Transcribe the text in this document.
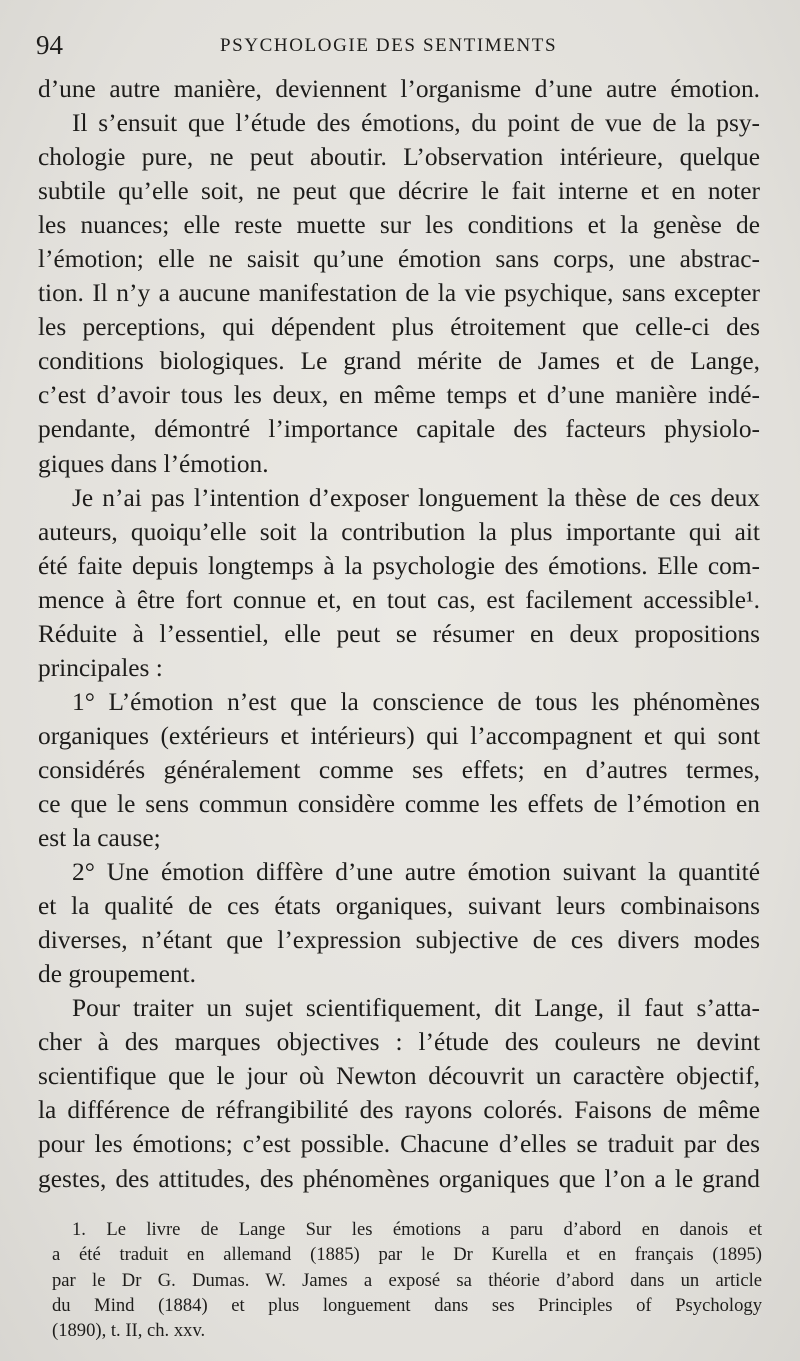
94	PSYCHOLOGIE DES SENTIMENTS
d’une autre manière, deviennent l’organisme d’une autre émotion.
Il s’ensuit que l’étude des émotions, du point de vue de la psy-
chologie pure, ne peut aboutir. L’observation intérieure, quelque
subtile qu’elle soit, ne peut que décrire le fait interne et en noter
les nuances; elle reste muette sur les conditions et la genèse de
l’émotion; elle ne saisit qu’une émotion sans corps, une abstrac-
tion. Il n’y a aucune manifestation de la vie psychique, sans excepter
les perceptions, qui dépendent plus étroitement que celle-ci des
conditions biologiques. Le grand mérite de James et de Lange,
c’est d’avoir tous les deux, en même temps et d’une manière indé-
pendante, démontré l’importance capitale des facteurs physiolo-
giques dans l’émotion.
Je n’ai pas l’intention d’exposer longuement la thèse de ces deux
auteurs, quoiqu’elle soit la contribution la plus importante qui ait
été faite depuis longtemps à la psychologie des émotions. Elle com-
mence à être fort connue et, en tout cas, est facilement accessible¹.
Réduite à l’essentiel, elle peut se résumer en deux propositions
principales :
1° L’émotion n’est que la conscience de tous les phénomènes
organiques (extérieurs et intérieurs) qui l’accompagnent et qui sont
considérés généralement comme ses effets; en d’autres termes,
ce que le sens commun considère comme les effets de l’émotion en
est la cause;
2° Une émotion diffère d’une autre émotion suivant la quantité
et la qualité de ces états organiques, suivant leurs combinaisons
diverses, n’étant que l’expression subjective de ces divers modes
de groupement.
Pour traiter un sujet scientifiquement, dit Lange, il faut s’atta-
cher à des marques objectives : l’étude des couleurs ne devint
scientifique que le jour où Newton découvrit un caractère objectif,
la différence de réfrangibilité des rayons colorés. Faisons de même
pour les émotions; c’est possible. Chacune d’elles se traduit par des
gestes, des attitudes, des phénomènes organiques que l’on a le grand
1. Le livre de Lange Sur les émotions a paru d’abord en danois et
a été traduit en allemand (1885) par le Dr Kurella et en français (1895)
par le Dr G. Dumas. W. James a exposé sa théorie d’abord dans un article
du Mind (1884) et plus longuement dans ses Principles of Psychology
(1890), t. II, ch. xxv.
